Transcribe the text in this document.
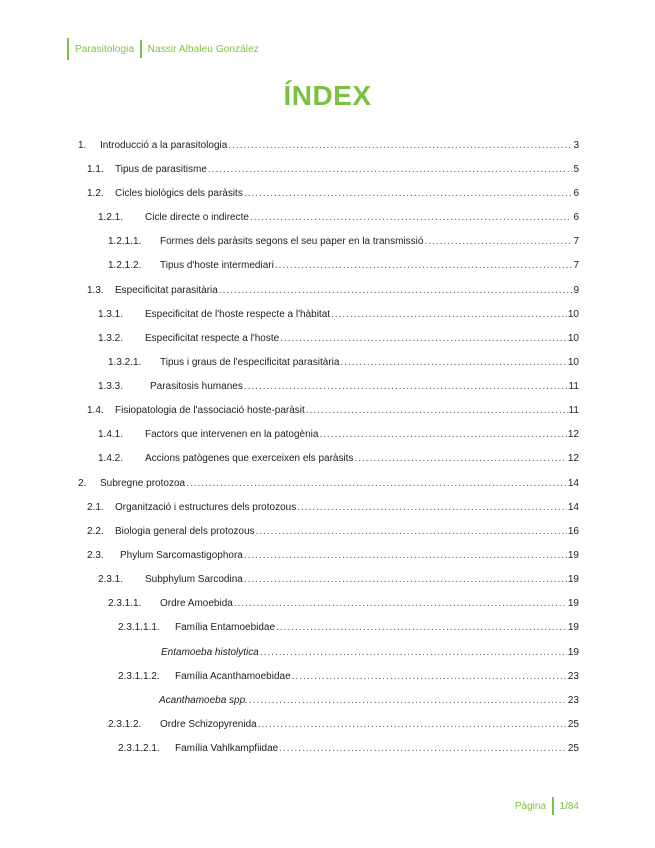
Parasitologia	Nassir Albaleu González
ÍNDEX
1.	Introducció a la parasitologia .....	3
1.1.	Tipus de parasitisme .....	5
1.2.	Cicles biològics dels paràsits .....	6
1.2.1.	Cicle directe o indirecte .....	6
1.2.1.1.	Formes dels paràsits segons el seu paper en la transmissió .....	7
1.2.1.2.	Tipus d'hoste intermediari .....	7
1.3.	Especificitat parasitària .....	9
1.3.1.	Especificitat de l'hoste respecte a l'hàbitat .....	10
1.3.2.	Especificitat respecte a l'hoste .....	10
1.3.2.1.	Tipus i graus de l'especificitat parasitària .....	10
1.3.3.	Parasitosis humanes .....	11
1.4.	Fisiopatologia de l'associació hoste-paràsit .....	11
1.4.1.	Factors que intervenen en la patogènia .....	12
1.4.2.	Accions patògenes que exerceixen els paràsits .....	12
2.	Subregne protozoa .....	14
2.1.	Organització i estructures dels protozous .....	14
2.2.	Biologia general dels protozous .....	16
2.3.	Phylum Sarcomastigophora .....	19
2.3.1.	Subphylum Sarcodina .....	19
2.3.1.1.	Ordre Amoebida .....	19
2.3.1.1.1.	Família Entamoebidae .....	19
Entamoeba histolytica .....	19
2.3.1.1.2.	Família Acanthamoebidae .....	23
Acanthamoeba spp. .....	23
2.3.1.2.	Ordre Schizopyrenida .....	25
2.3.1.2.1.	Família Vahlkampfiidae .....	25
Pàgina	1/84
